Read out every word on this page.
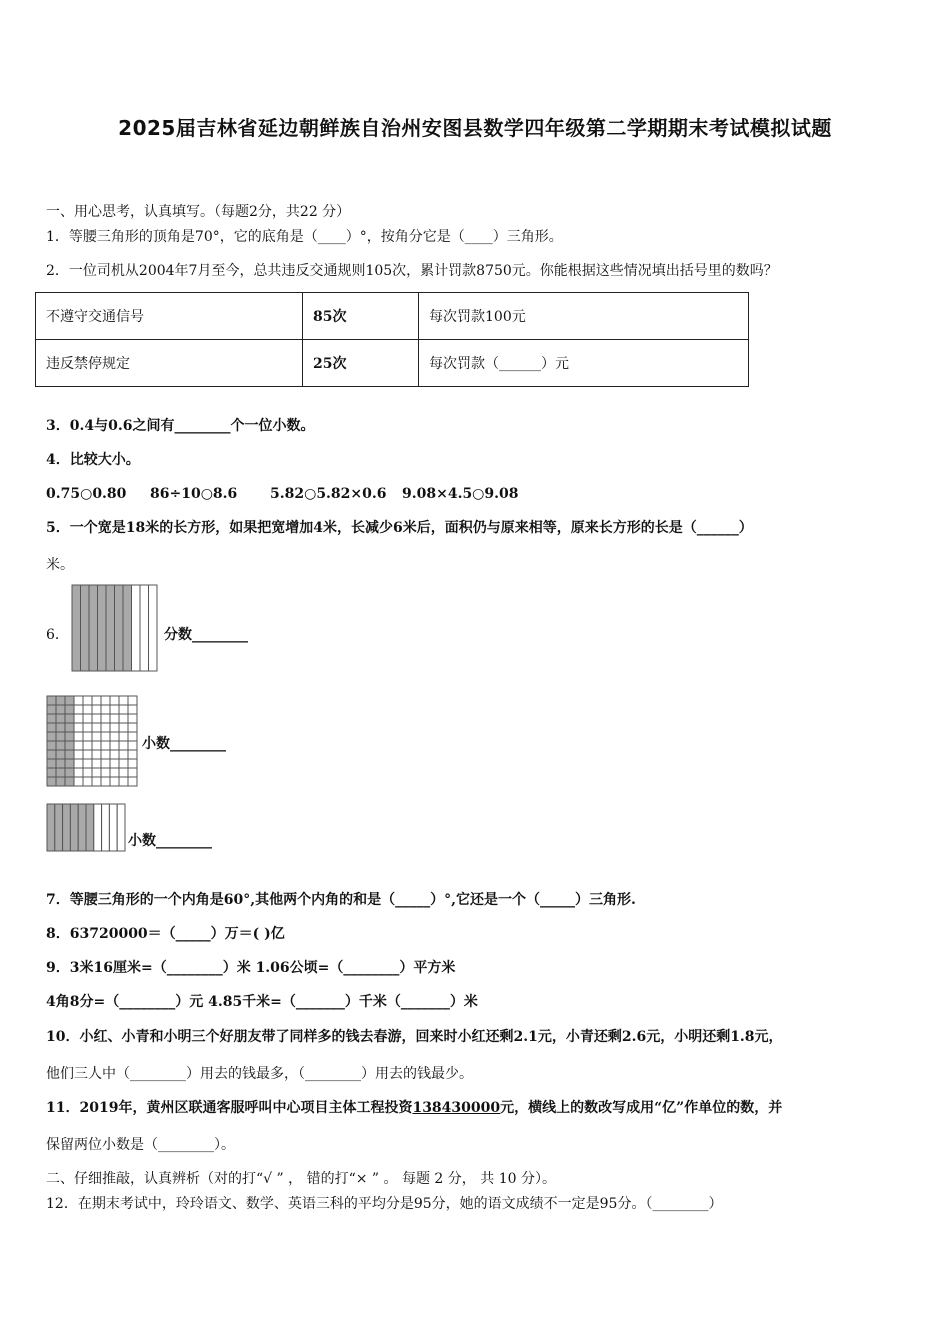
2025届吉林省延边朝鲜族自治州安图县数学四年级第二学期期末考试模拟试题
一、用心思考，认真填写。（每题2分，共22 分）
1．等腰三角形的顶角是70°，它的底角是（____）°，按角分它是（____）三角形。
2．一位司机从2004年7月至今，总共违反交通规则105次，累计罚款8750元。你能根据这些情况填出括号里的数吗？
不遵守交通信号	85次	每次罚款100元
违反禁停规定	25次	每次罚款（______）元
3．0.4与0.6之间有________个一位小数。
4．比较大小。
0.75○0.80 86÷10○8.6 5.82○5.82×0.6 9.08×4.5○9.08
5．一个宽是18米的长方形，如果把宽增加4米，长减少6米后，面积仍与原来相等，原来长方形的长是（______）
米。
6．	分数________
小数________
小数________
7．等腰三角形的一个内角是60°,其他两个内角的和是（_____）°,它还是一个（_____）三角形.
8．63720000＝（_____）万＝( )亿
9．3米16厘米=（________）米 1.06公顷=（________）平方米
4角8分=（________）元 4.85千米=（_______）千米（_______）米
10．小红、小青和小明三个好朋友带了同样多的钱去春游，回来时小红还剩2.1元，小青还剩2.6元，小明还剩1.8元，
他们三人中（________）用去的钱最多，（________）用去的钱最少。
11．2019年，黄州区联通客服呼叫中心项目主体工程投资138430000元，横线上的数改写成用“亿”作单位的数，并
保留两位小数是（________）。
二、仔细推敲，认真辨析（对的打“√ ” ， 错的打“× ” 。 每题 2 分， 共 10 分）。
12．在期末考试中，玲玲语文、数学、英语三科的平均分是95分，她的语文成绩不一定是95分。（________）
